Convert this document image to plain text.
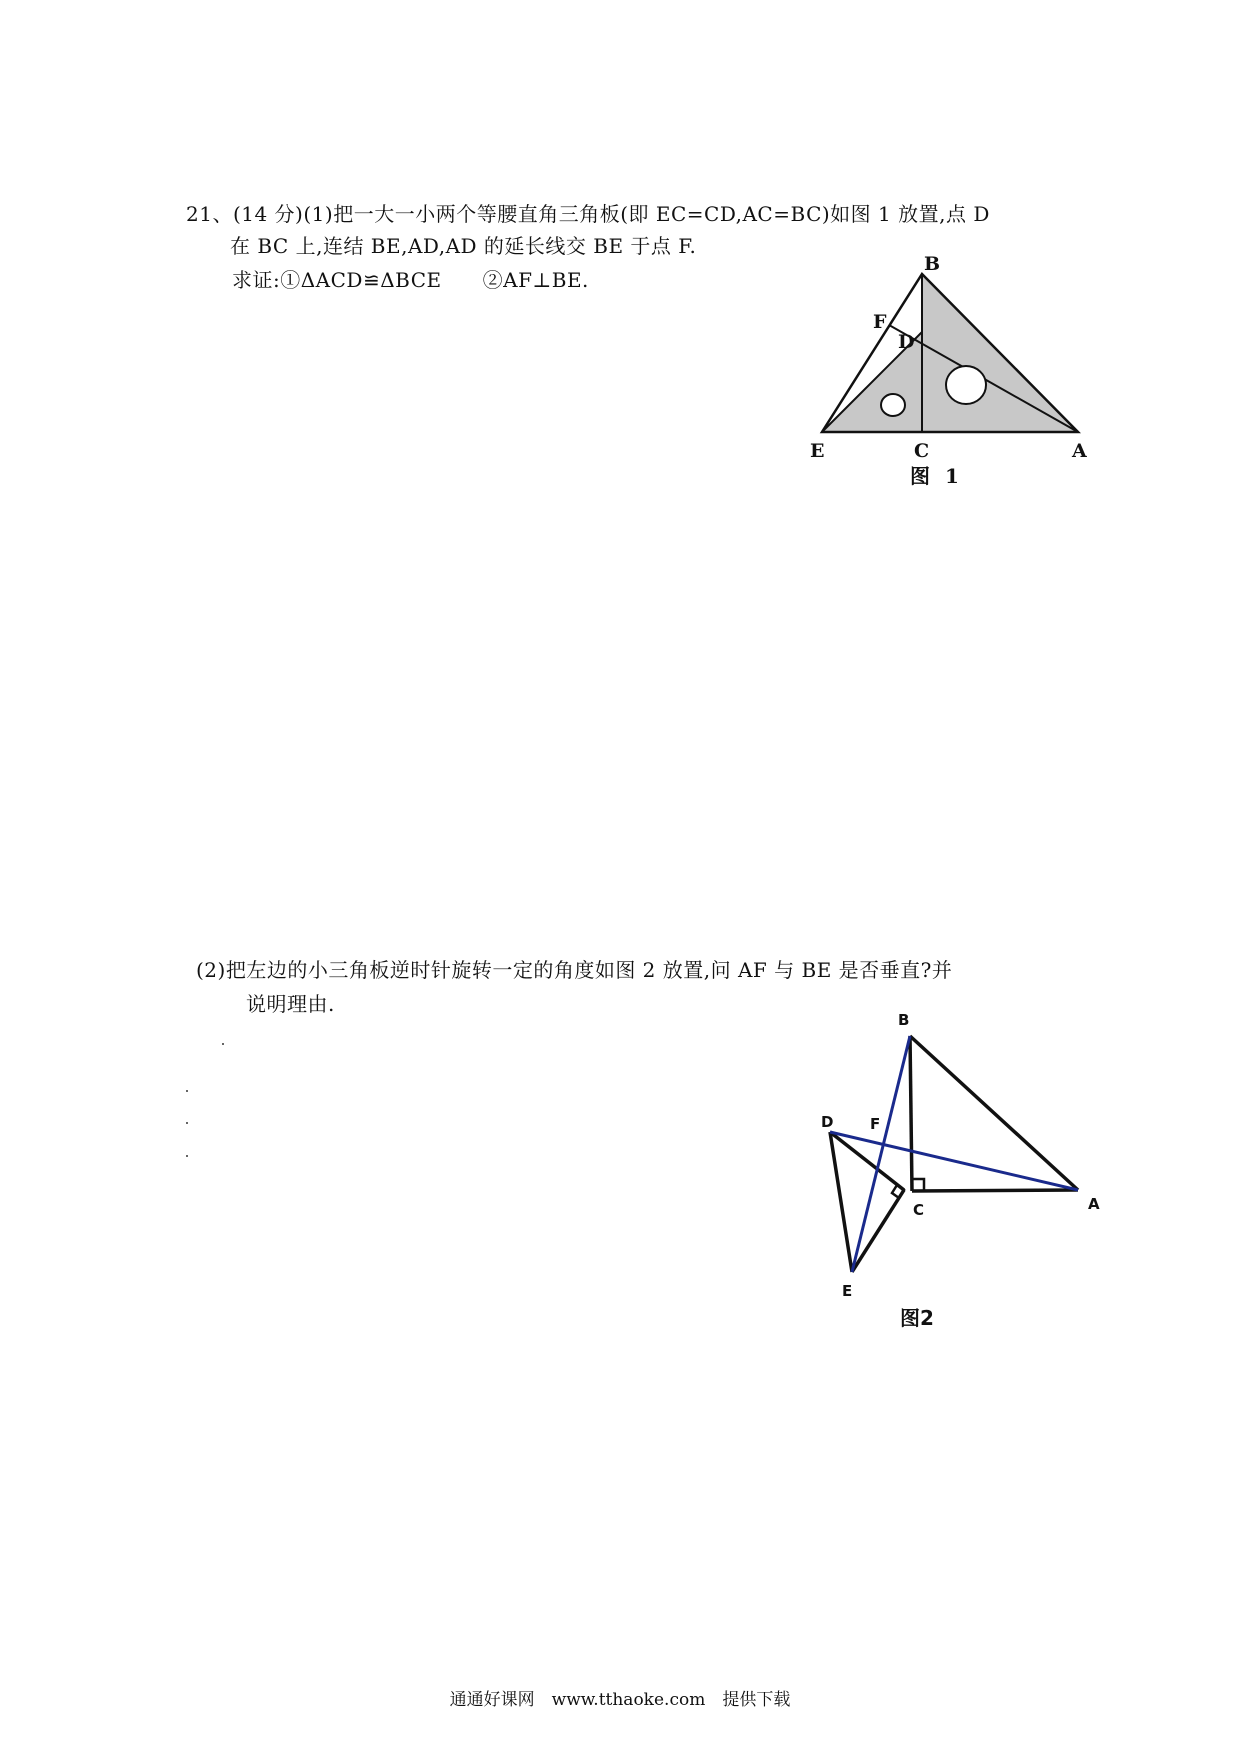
21、(14 分)(1)把一大一小两个等腰直角三角板(即 EC=CD,AC=BC)如图 1 放置,点 D
在 BC 上,连结 BE,AD,AD 的延长线交 BE 于点 F.
求证:①ΔACD≌ΔBCE　　②AF⊥BE.
B
F
D
E	C	A
图 1
(2)把左边的小三角板逆时针旋转一定的角度如图 2 放置,问 AF 与 BE 是否垂直?并
说明理由.
B
D F
C	A
E
图2
通通好课网　www.tthaoke.com　提供下载
